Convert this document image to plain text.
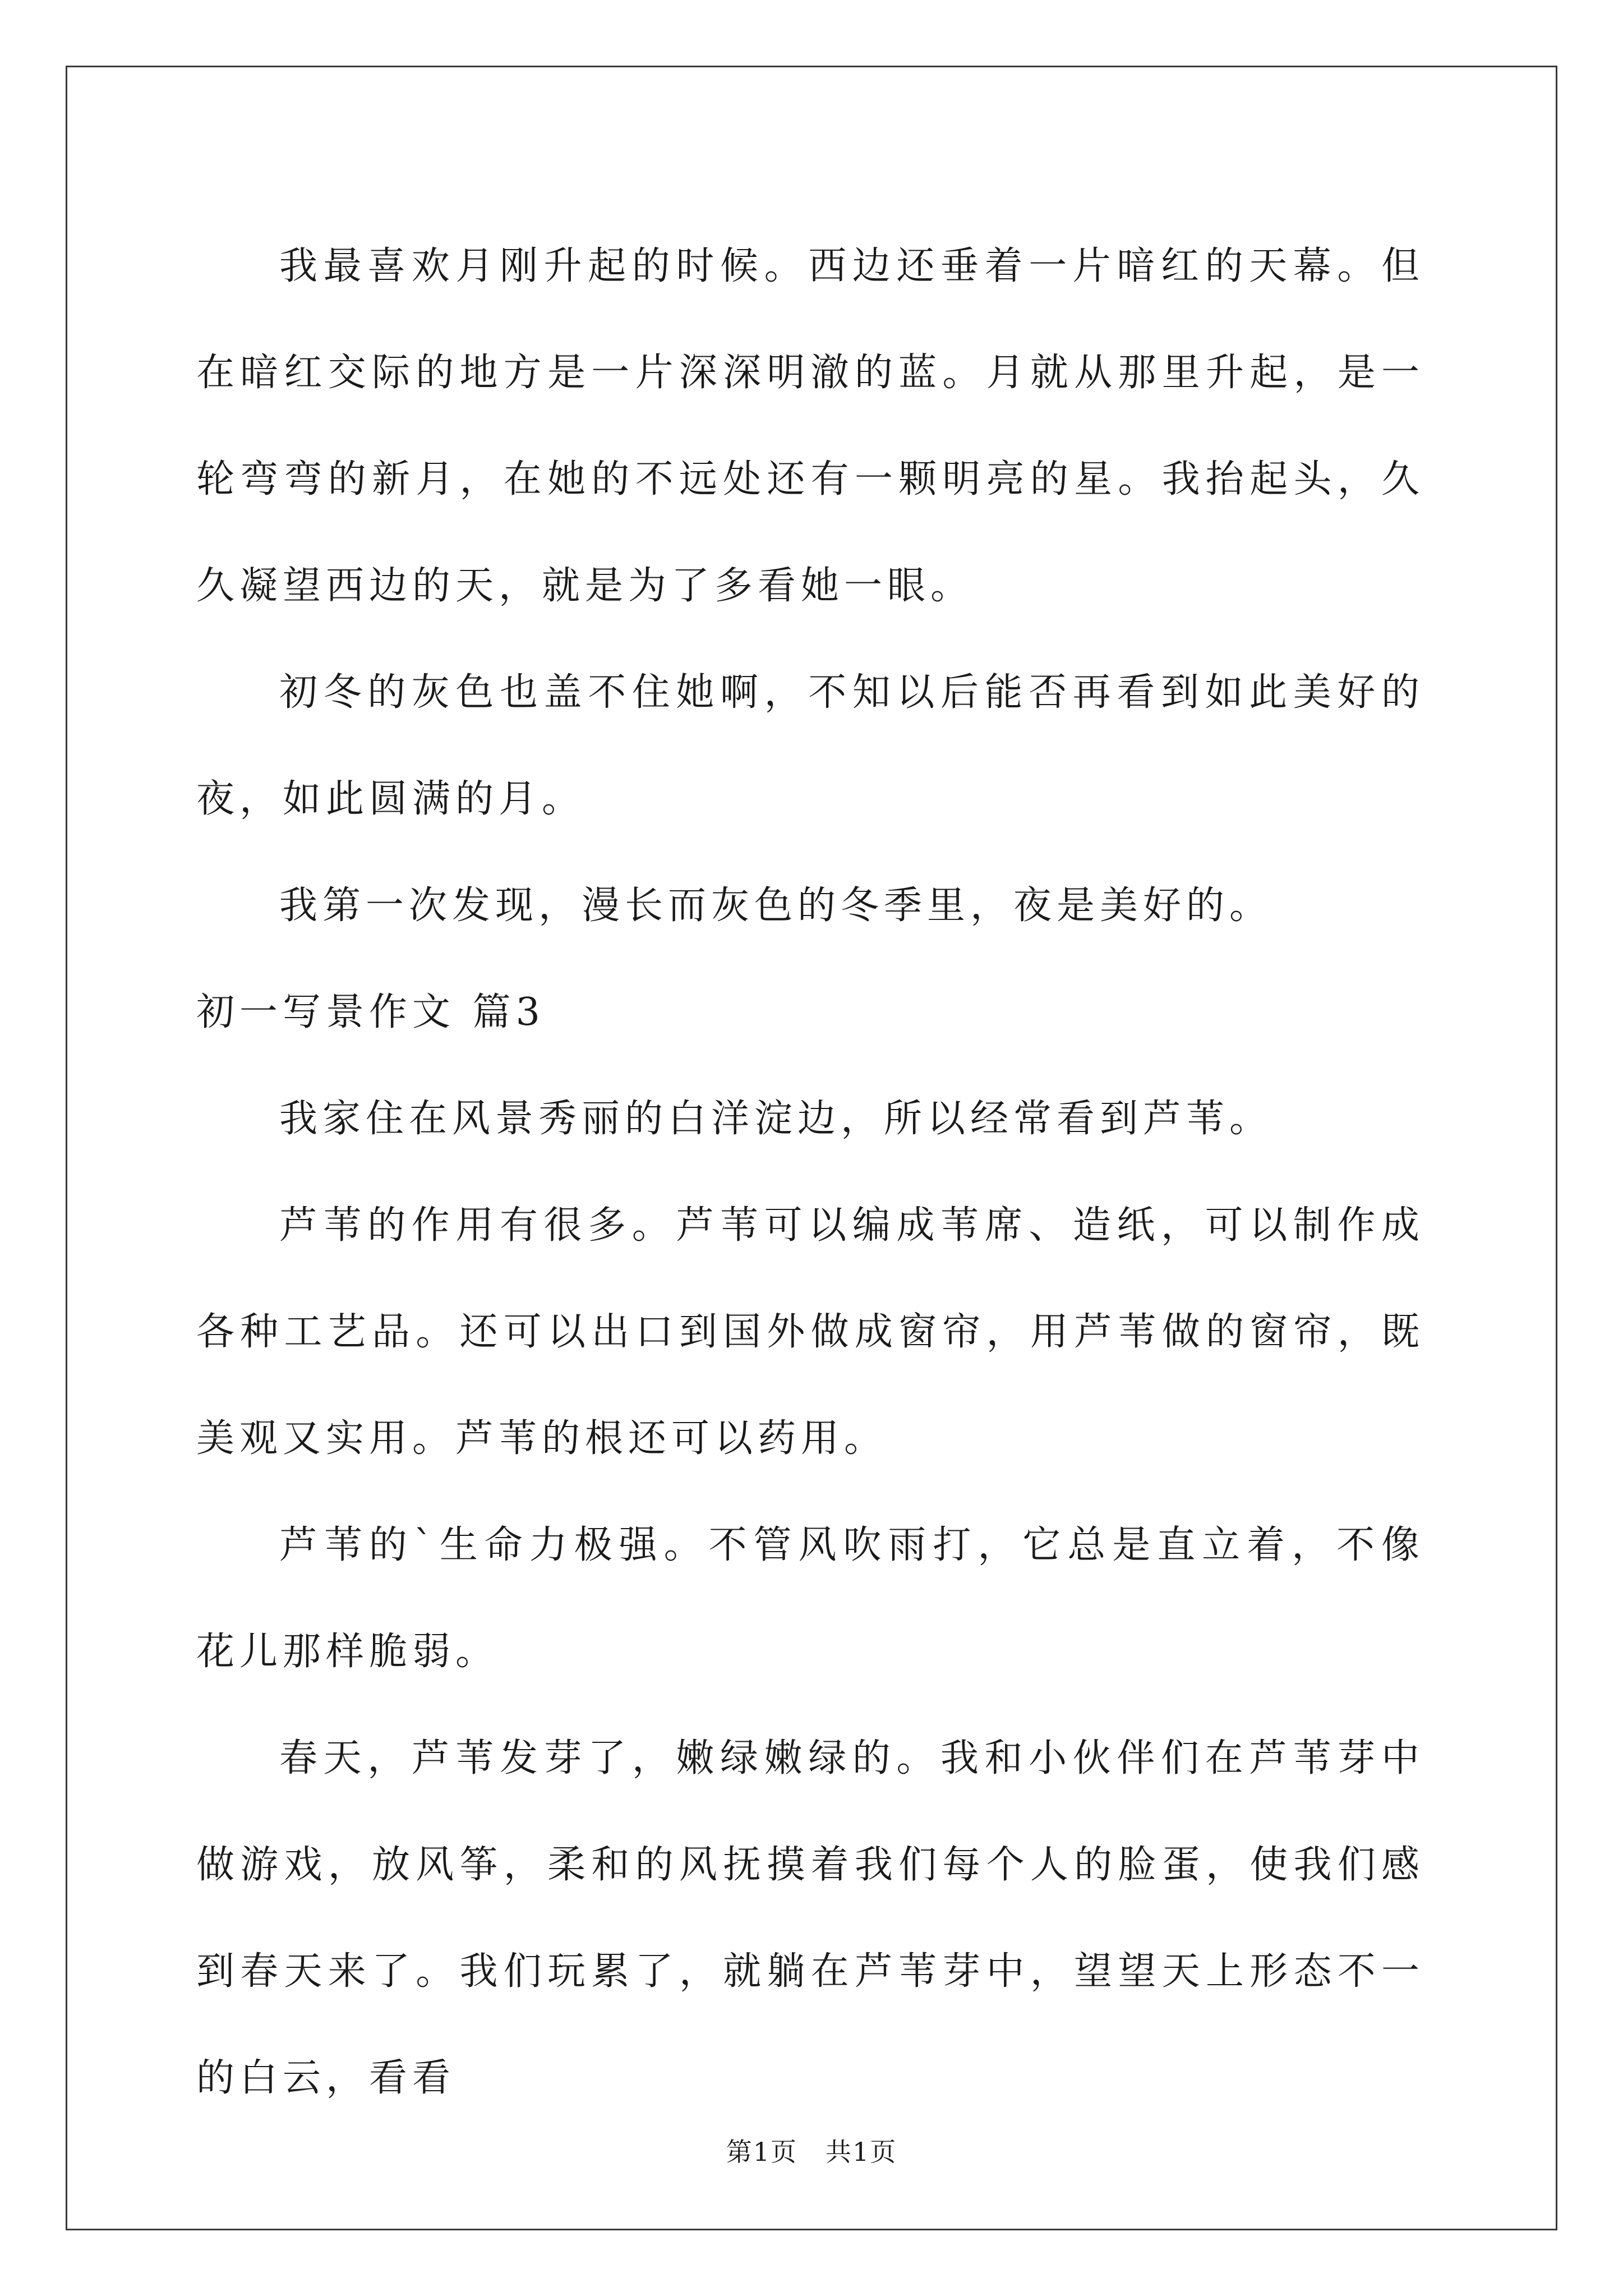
我最喜欢月刚升起的时候。西边还垂着一片暗红的天幕。但在暗红交际的地方是一片深深明澈的蓝。月就从那里升起，是一轮弯弯的新月，在她的不远处还有一颗明亮的星。我抬起头，久久凝望西边的天，就是为了多看她一眼。

初冬的灰色也盖不住她啊，不知以后能否再看到如此美好的夜，如此圆满的月。

我第一次发现，漫长而灰色的冬季里，夜是美好的。

初一写景作文 篇3

我家住在风景秀丽的白洋淀边，所以经常看到芦苇。

芦苇的作用有很多。芦苇可以编成苇席、造纸，可以制作成各种工艺品。还可以出口到国外做成窗帘，用芦苇做的窗帘，既美观又实用。芦苇的根还可以药用。

芦苇的`生命力极强。不管风吹雨打，它总是直立着，不像花儿那样脆弱。

春天，芦苇发芽了，嫩绿嫩绿的。我和小伙伴们在芦苇芽中做游戏，放风筝，柔和的风抚摸着我们每个人的脸蛋，使我们感到春天来了。我们玩累了，就躺在芦苇芽中，望望天上形态不一的白云，看看

第1页 共1页
